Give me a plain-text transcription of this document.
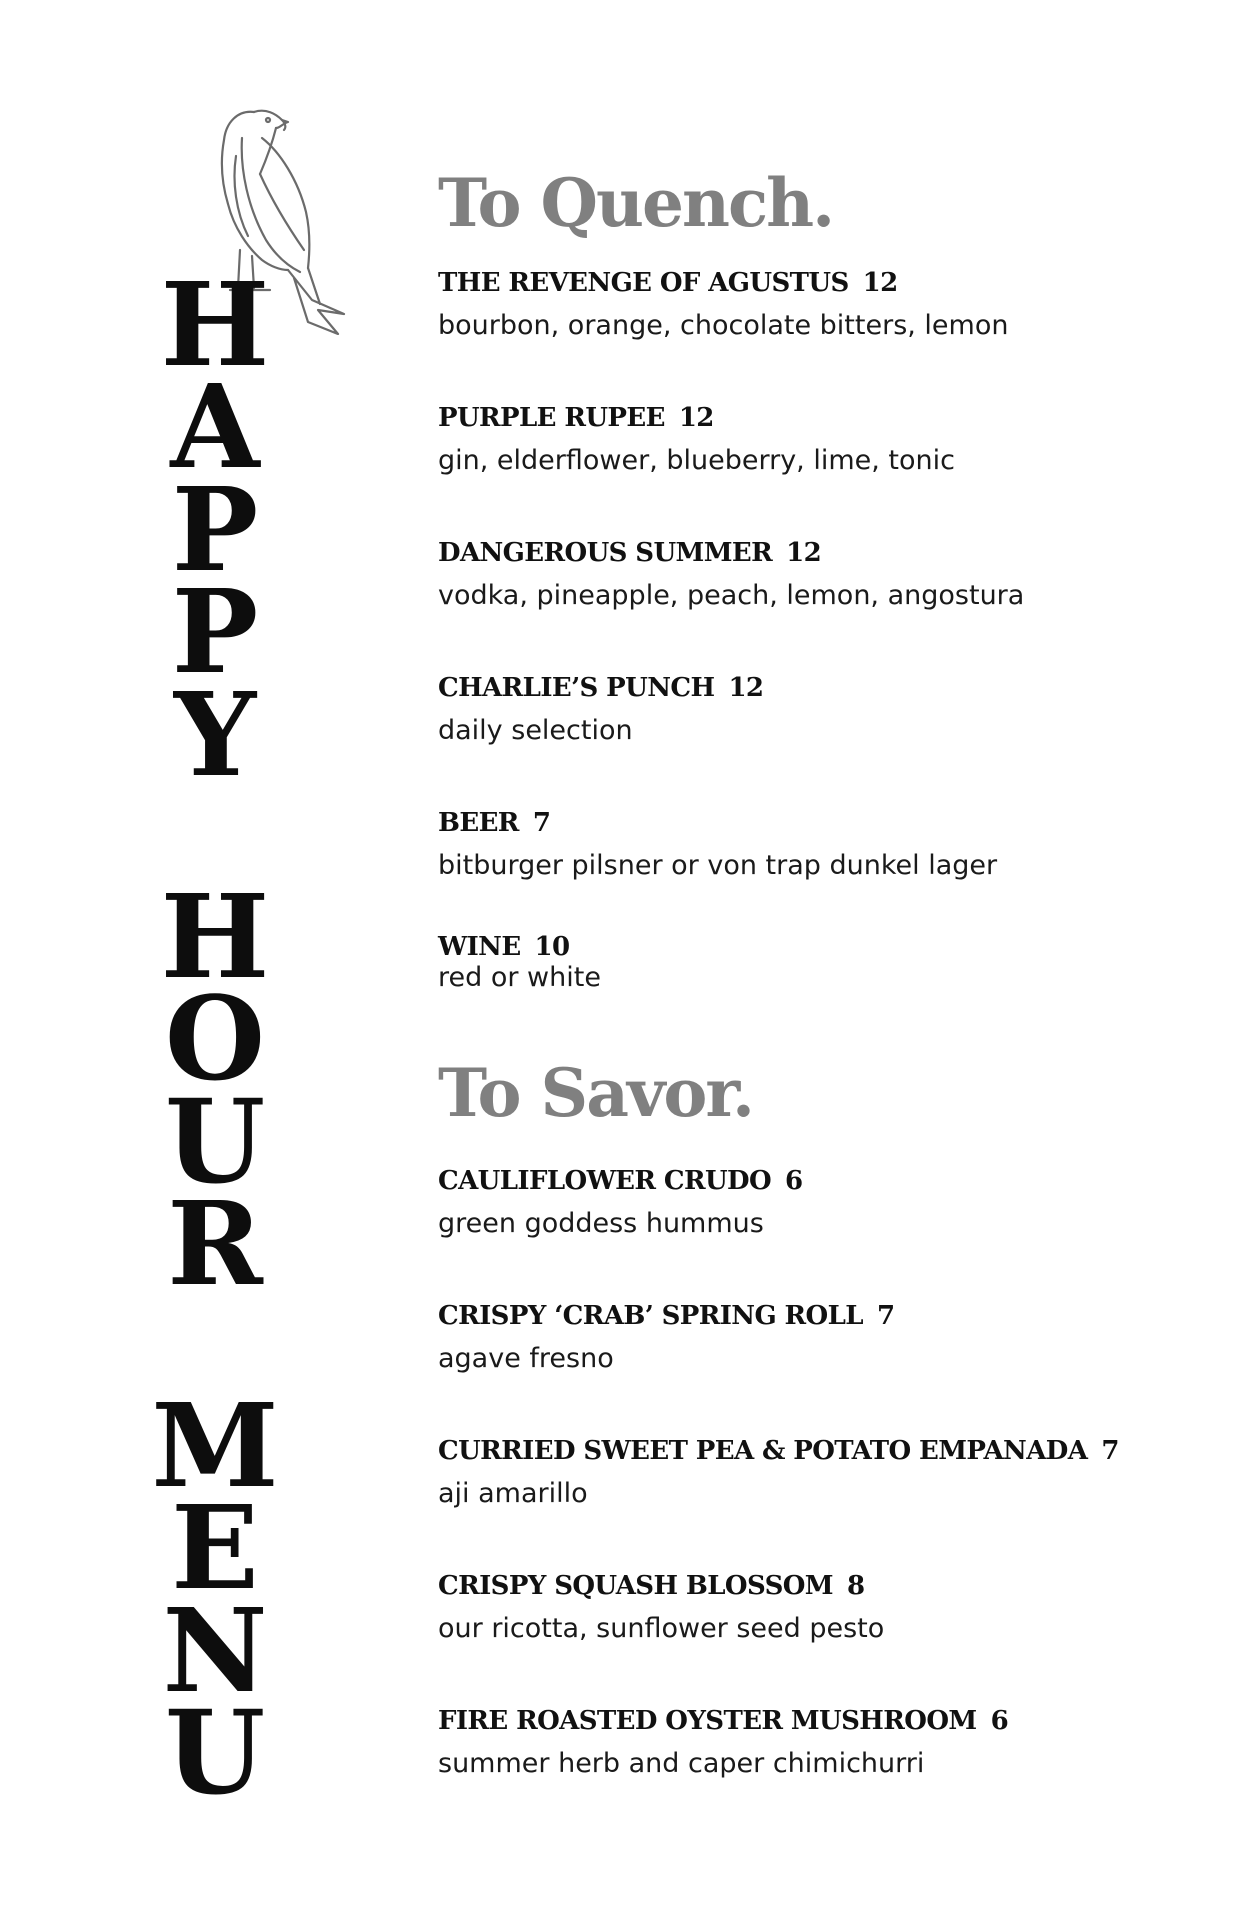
H
A
P
P
Y
H
O
U
R
M
E
N
U
To Quench.
THE REVENGE OF AGUSTUS 12
bourbon, orange, chocolate bitters, lemon
PURPLE RUPEE 12
gin, elderflower, blueberry, lime, tonic
DANGEROUS SUMMER 12
vodka, pineapple, peach, lemon, angostura
CHARLIE’S PUNCH 12
daily selection
BEER 7
bitburger pilsner or von trap dunkel lager
WINE 10
red or white
To Savor.
CAULIFLOWER CRUDO 6
green goddess hummus
CRISPY ‘CRAB’ SPRING ROLL 7
agave fresno
CURRIED SWEET PEA & POTATO EMPANADA 7
aji amarillo
CRISPY SQUASH BLOSSOM 8
our ricotta, sunflower seed pesto
FIRE ROASTED OYSTER MUSHROOM 6
summer herb and caper chimichurri
